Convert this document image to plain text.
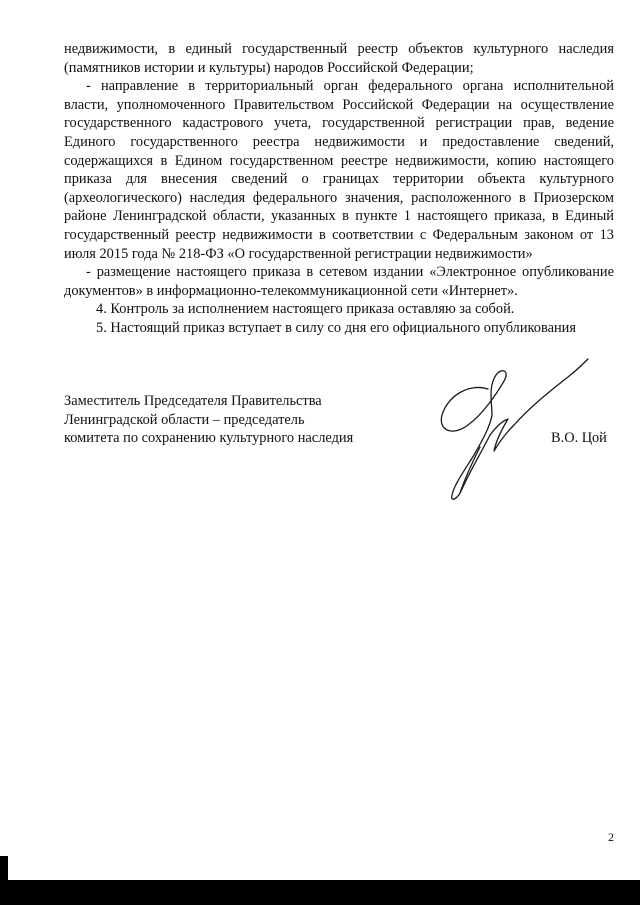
недвижимости, в единый государственный реестр объектов культурного наследия (памятников истории и культуры) народов Российской Федерации;

- направление в территориальный орган федерального органа исполнительной власти, уполномоченного Правительством Российской Федерации на осуществление государственного кадастрового учета, государственной регистрации прав, ведение Единого государственного реестра недвижимости и предоставление сведений, содержащихся в Едином государственном реестре недвижимости, копию настоящего приказа для внесения сведений о границах территории объекта культурного (археологического) наследия федерального значения, расположенного в Приозерском районе Ленинградской области, указанных в пункте 1 настоящего приказа, в Единый государственный реестр недвижимости в соответствии с Федеральным законом от 13 июля 2015 года № 218-ФЗ «О государственной регистрации недвижимости»

- размещение настоящего приказа в сетевом издании «Электронное опубликование документов» в информационно-телекоммуникационной сети «Интернет».

4. Контроль за исполнением настоящего приказа оставляю за собой.

5. Настоящий приказ вступает в силу со дня его официального опубликования

Заместитель Председателя Правительства
Ленинградской области – председатель
комитета по сохранению культурного наследия	В.О. Цой
2
